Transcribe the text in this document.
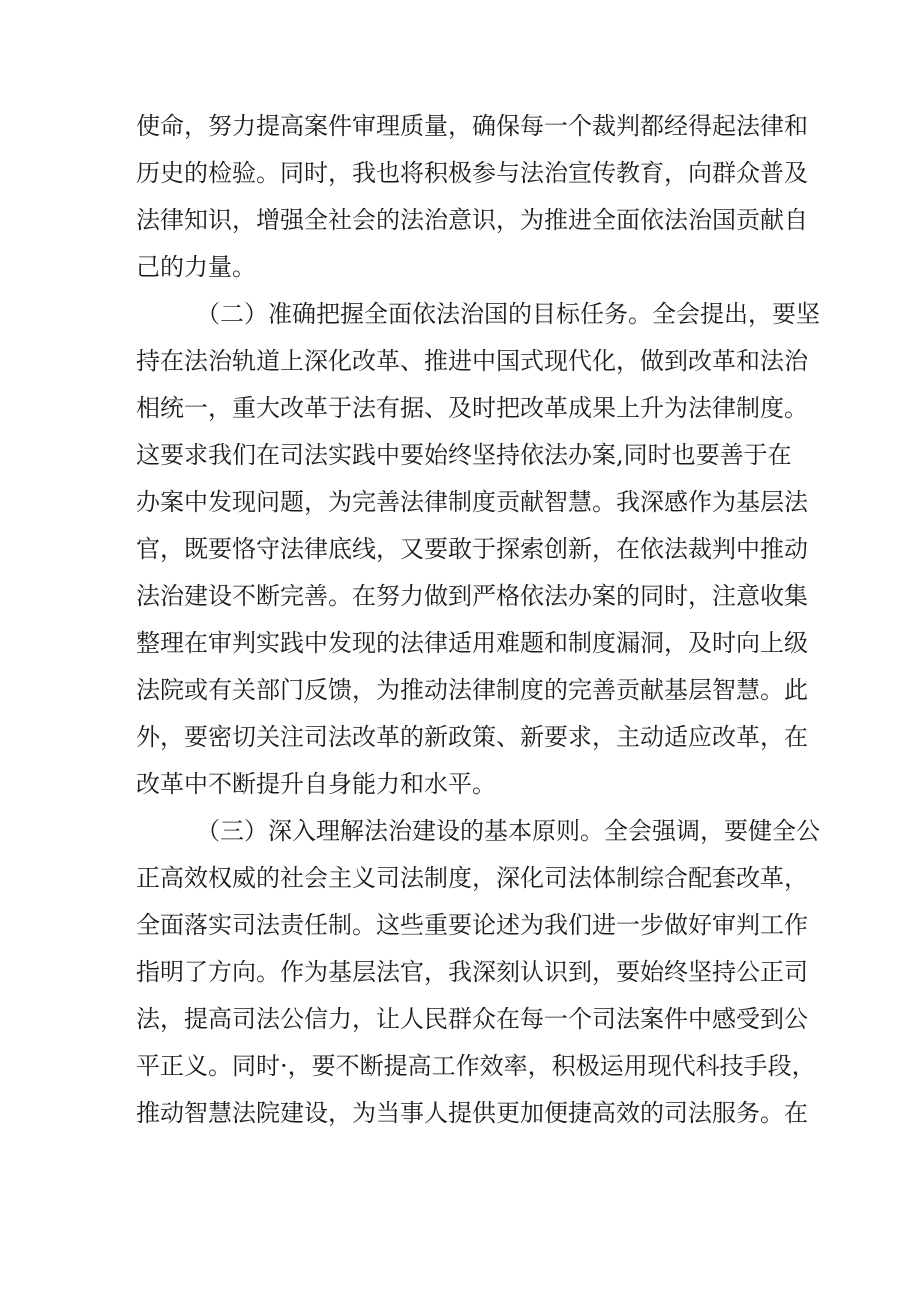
使命，努力提高案件审理质量，确保每一个裁判都经得起法律和
历史的检验。同时，我也将积极参与法治宣传教育，向群众普及
法律知识，增强全社会的法治意识，为推进全面依法治国贡献自
己的力量。
（二）准确把握全面依法治国的目标任务。全会提出，要坚
持在法治轨道上深化改革、推进中国式现代化，做到改革和法治
相统一，重大改革于法有据、及时把改革成果上升为法律制度。
这要求我们在司法实践中要始终坚持依法办案,同时也要善于在
办案中发现问题，为完善法律制度贡献智慧。我深感作为基层法
官，既要恪守法律底线，又要敢于探索创新，在依法裁判中推动
法治建设不断完善。在努力做到严格依法办案的同时，注意收集
整理在审判实践中发现的法律适用难题和制度漏洞，及时向上级
法院或有关部门反馈，为推动法律制度的完善贡献基层智慧。此
外，要密切关注司法改革的新政策、新要求，主动适应改革，在
改革中不断提升自身能力和水平。
（三）深入理解法治建设的基本原则。全会强调，要健全公
正高效权威的社会主义司法制度，深化司法体制综合配套改革，
全面落实司法责任制。这些重要论述为我们进一步做好审判工作
指明了方向。作为基层法官，我深刻认识到，要始终坚持公正司
法，提高司法公信力，让人民群众在每一个司法案件中感受到公
平正义。同时·，要不断提高工作效率，积极运用现代科技手段，
推动智慧法院建设，为当事人提供更加便捷高效的司法服务。在
